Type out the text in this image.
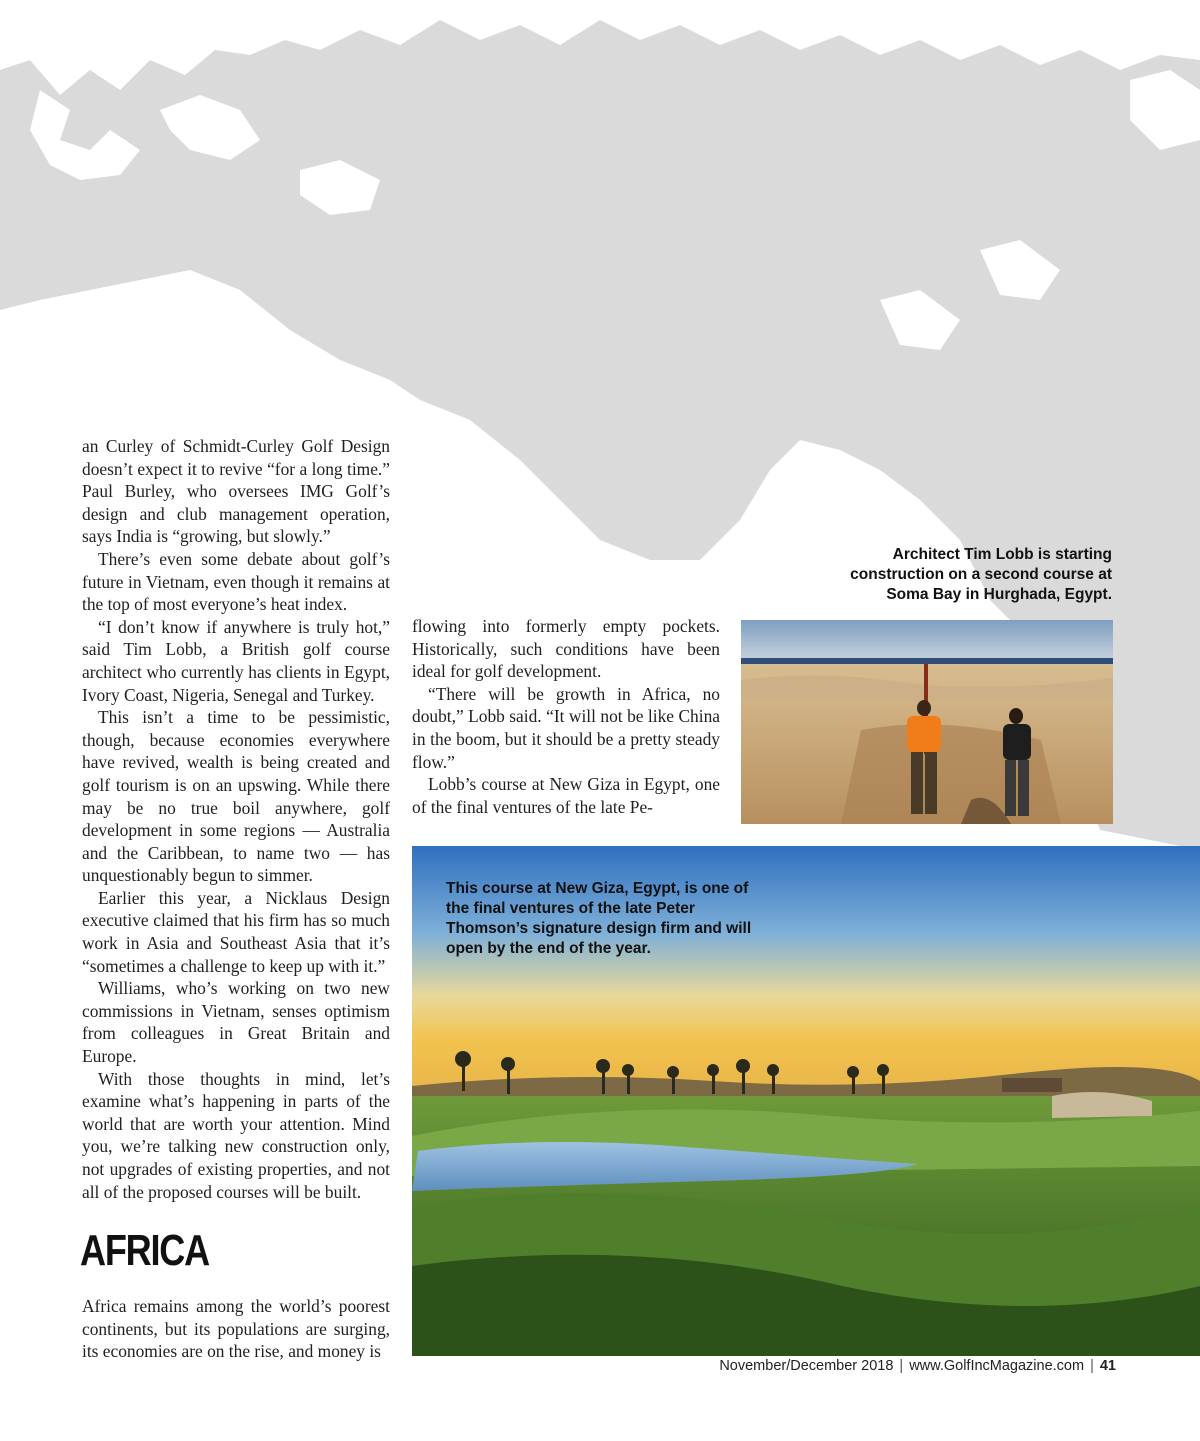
an Curley of Schmidt-Curley Golf Design doesn’t expect it to revive “for a long time.” Paul Burley, who oversees IMG Golf’s design and club management operation, says India is “growing, but slowly.”

There’s even some debate about golf’s future in Vietnam, even though it remains at the top of most everyone’s heat index.

“I don’t know if anywhere is truly hot,” said Tim Lobb, a British golf course architect who currently has clients in Egypt, Ivory Coast, Nigeria, Senegal and Turkey.

This isn’t a time to be pessimistic, though, because economies everywhere have revived, wealth is being created and golf tourism is on an upswing. While there may be no true boil anywhere, golf development in some regions — Australia and the Caribbean, to name two — has unquestionably begun to simmer.

Earlier this year, a Nicklaus Design executive claimed that his firm has so much work in Asia and Southeast Asia that it’s “sometimes a challenge to keep up with it.”

Williams, who’s working on two new commissions in Vietnam, senses optimism from colleagues in Great Britain and Europe.

With those thoughts in mind, let’s examine what’s happening in parts of the world that are worth your attention. Mind you, we’re talking new construction only, not upgrades of existing properties, and not all of the proposed courses will be built.

AFRICA

Africa remains among the world’s poorest continents, but its populations are surging, its economies are on the rise, and money is

flowing into formerly empty pockets. Historically, such conditions have been ideal for golf development.

“There will be growth in Africa, no doubt,” Lobb said. “It will not be like China in the boom, but it should be a pretty steady flow.”

Lobb’s course at New Giza in Egypt, one of the final ventures of the late Pe-

Architect Tim Lobb is starting construction on a second course at Soma Bay in Hurghada, Egypt.

This course at New Giza, Egypt, is one of the final ventures of the late Peter Thomson’s signature design firm and will open by the end of the year.

November/December 2018 | www.GolfIncMagazine.com | 41
